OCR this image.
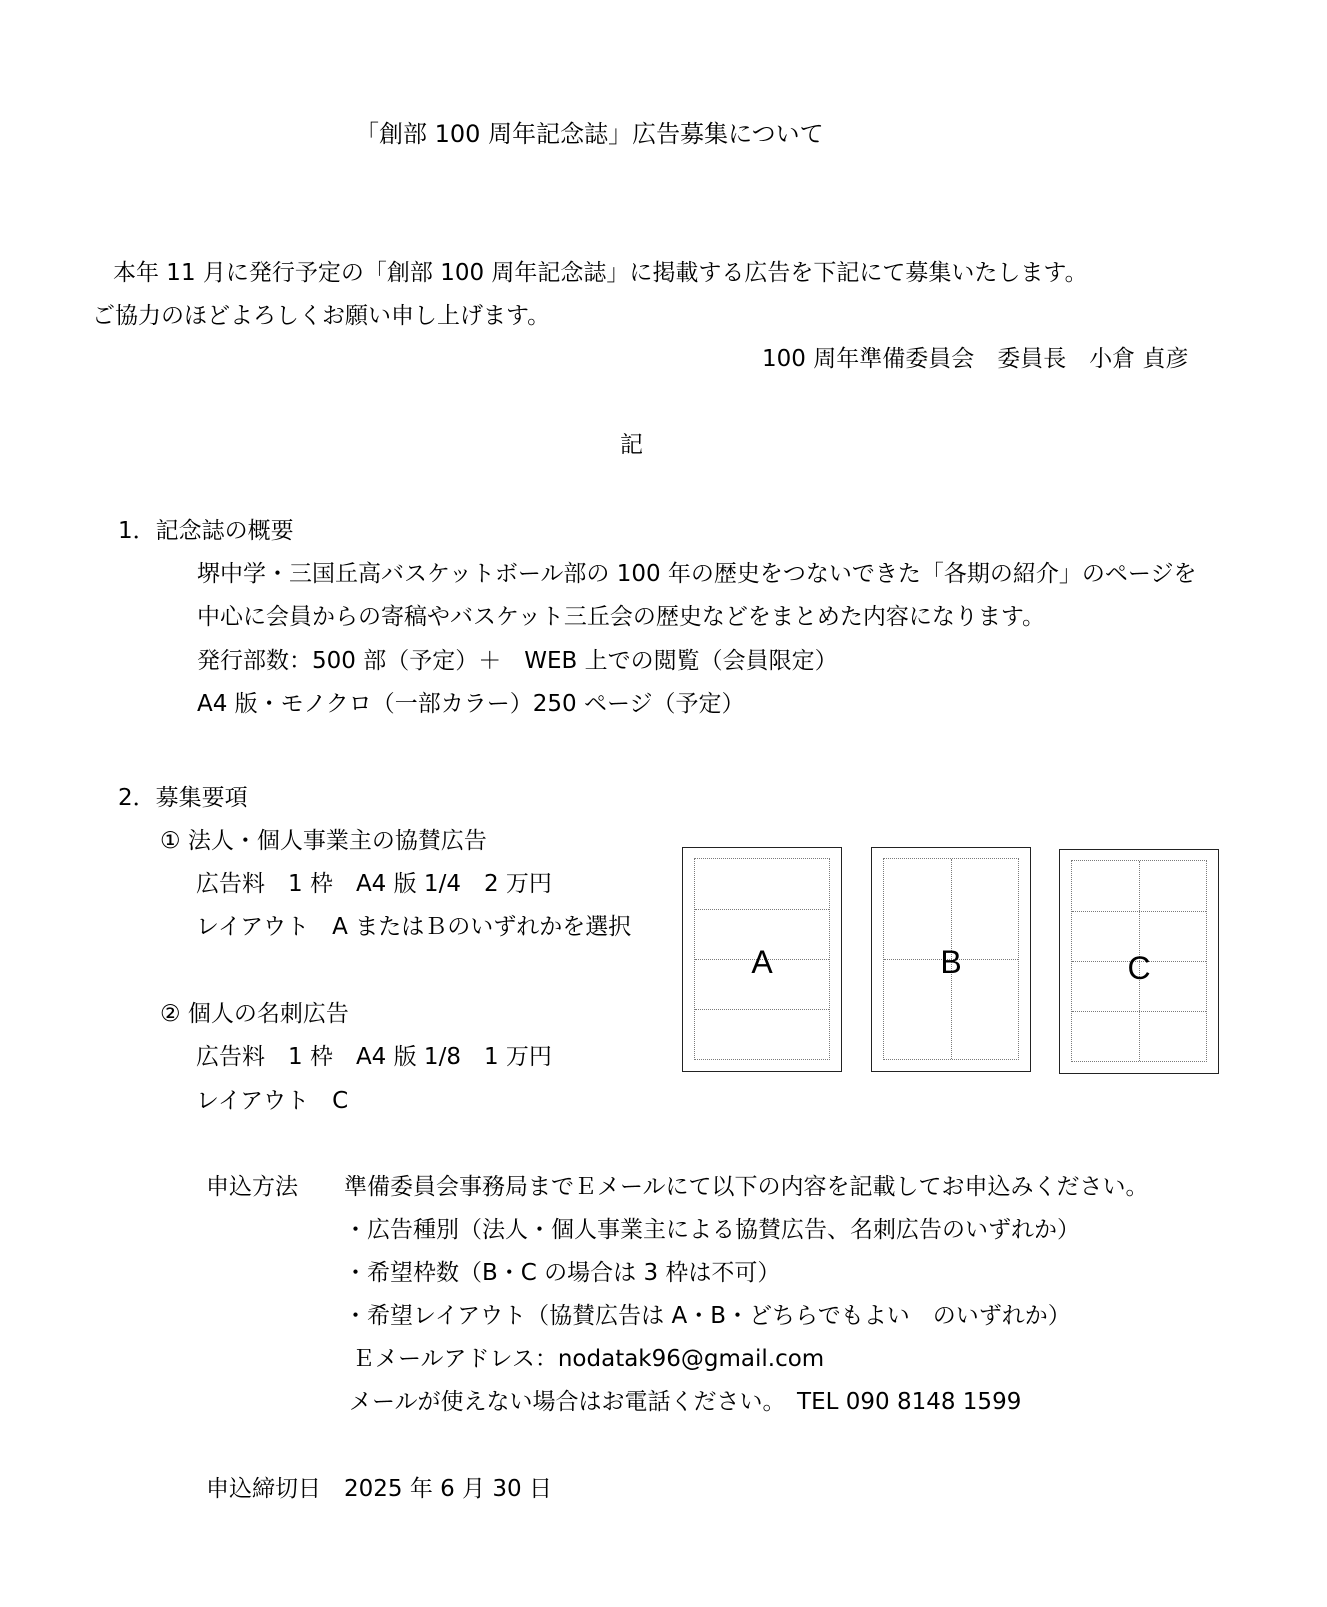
「創部 100 周年記念誌」広告募集について
本年 11 月に発行予定の「創部 100 周年記念誌」に掲載する広告を下記にて募集いたします。
ご協力のほどよろしくお願い申し上げます。
100 周年準備委員会　委員長　小倉 貞彦
記
1．記念誌の概要
堺中学・三国丘高バスケットボール部の 100 年の歴史をつないできた「各期の紹介」のページを
中心に会員からの寄稿やバスケット三丘会の歴史などをまとめた内容になります。
発行部数：500 部（予定）＋　WEB 上での閲覧（会員限定）
A4 版・モノクロ（一部カラー）250 ページ（予定）
2．募集要項
① 法人・個人事業主の協賛広告
広告料　1 枠　A4 版 1/4　2 万円
レイアウト　A またはＢのいずれかを選択
② 個人の名刺広告
広告料　1 枠　A4 版 1/8　1 万円
レイアウト　C
A	B	C
申込方法 準備委員会事務局までＥメールにて以下の内容を記載してお申込みください。
・広告種別（法人・個人事業主による協賛広告、名刺広告のいずれか）
・希望枠数（B・C の場合は 3 枠は不可）
・希望レイアウト（協賛広告は A・B・どちらでもよい　のいずれか）
Ｅメールアドレス：nodatak96@gmail.com
メールが使えない場合はお電話ください。　TEL 090 8148 1599
申込締切日 2025 年 6 月 30 日
